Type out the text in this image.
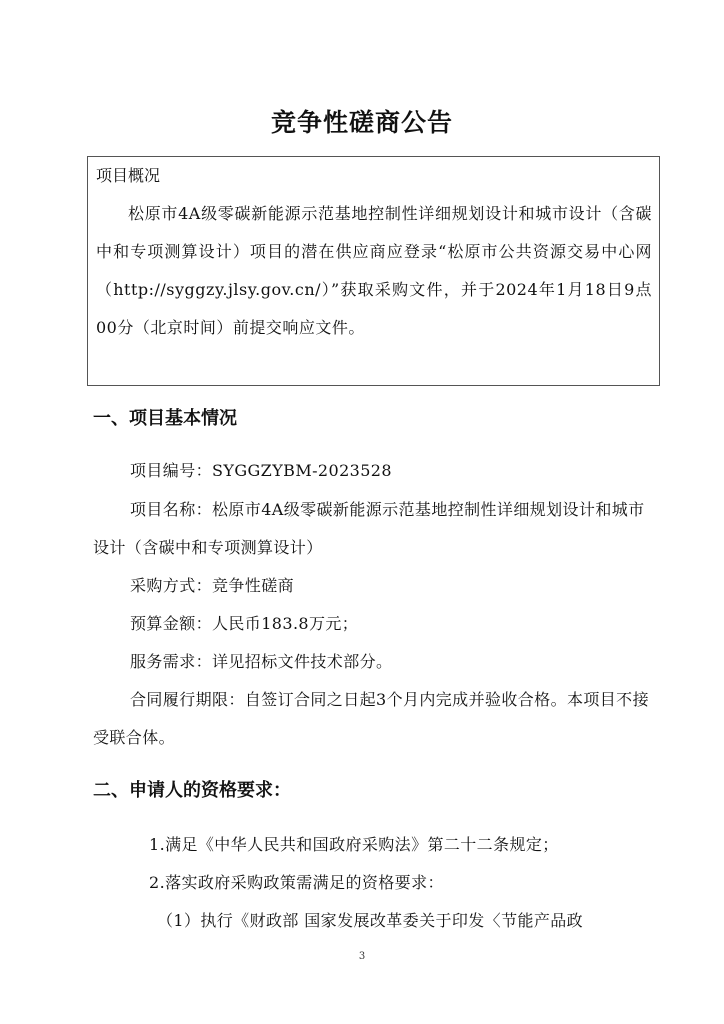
竞争性磋商公告
项目概况
松原市4A级零碳新能源示范基地控制性详细规划设计和城市设计（含碳中和专项测算设计）项目的潜在供应商应登录“松原市公共资源交易中心网（http://syggzy.jlsy.gov.cn/）”获取采购文件，并于2024年1月18日9点00分（北京时间）前提交响应文件。
一、项目基本情况
项目编号：SYGGZYBM-2023528
项目名称：松原市4A级零碳新能源示范基地控制性详细规划设计和城市设计（含碳中和专项测算设计）
采购方式：竞争性磋商
预算金额：人民币183.8万元；
服务需求：详见招标文件技术部分。
合同履行期限：自签订合同之日起3个月内完成并验收合格。本项目不接受联合体。
二、申请人的资格要求：
1.满足《中华人民共和国政府采购法》第二十二条规定；
2.落实政府采购政策需满足的资格要求：
（1）执行《财政部 国家发展改革委关于印发〈节能产品政
3
